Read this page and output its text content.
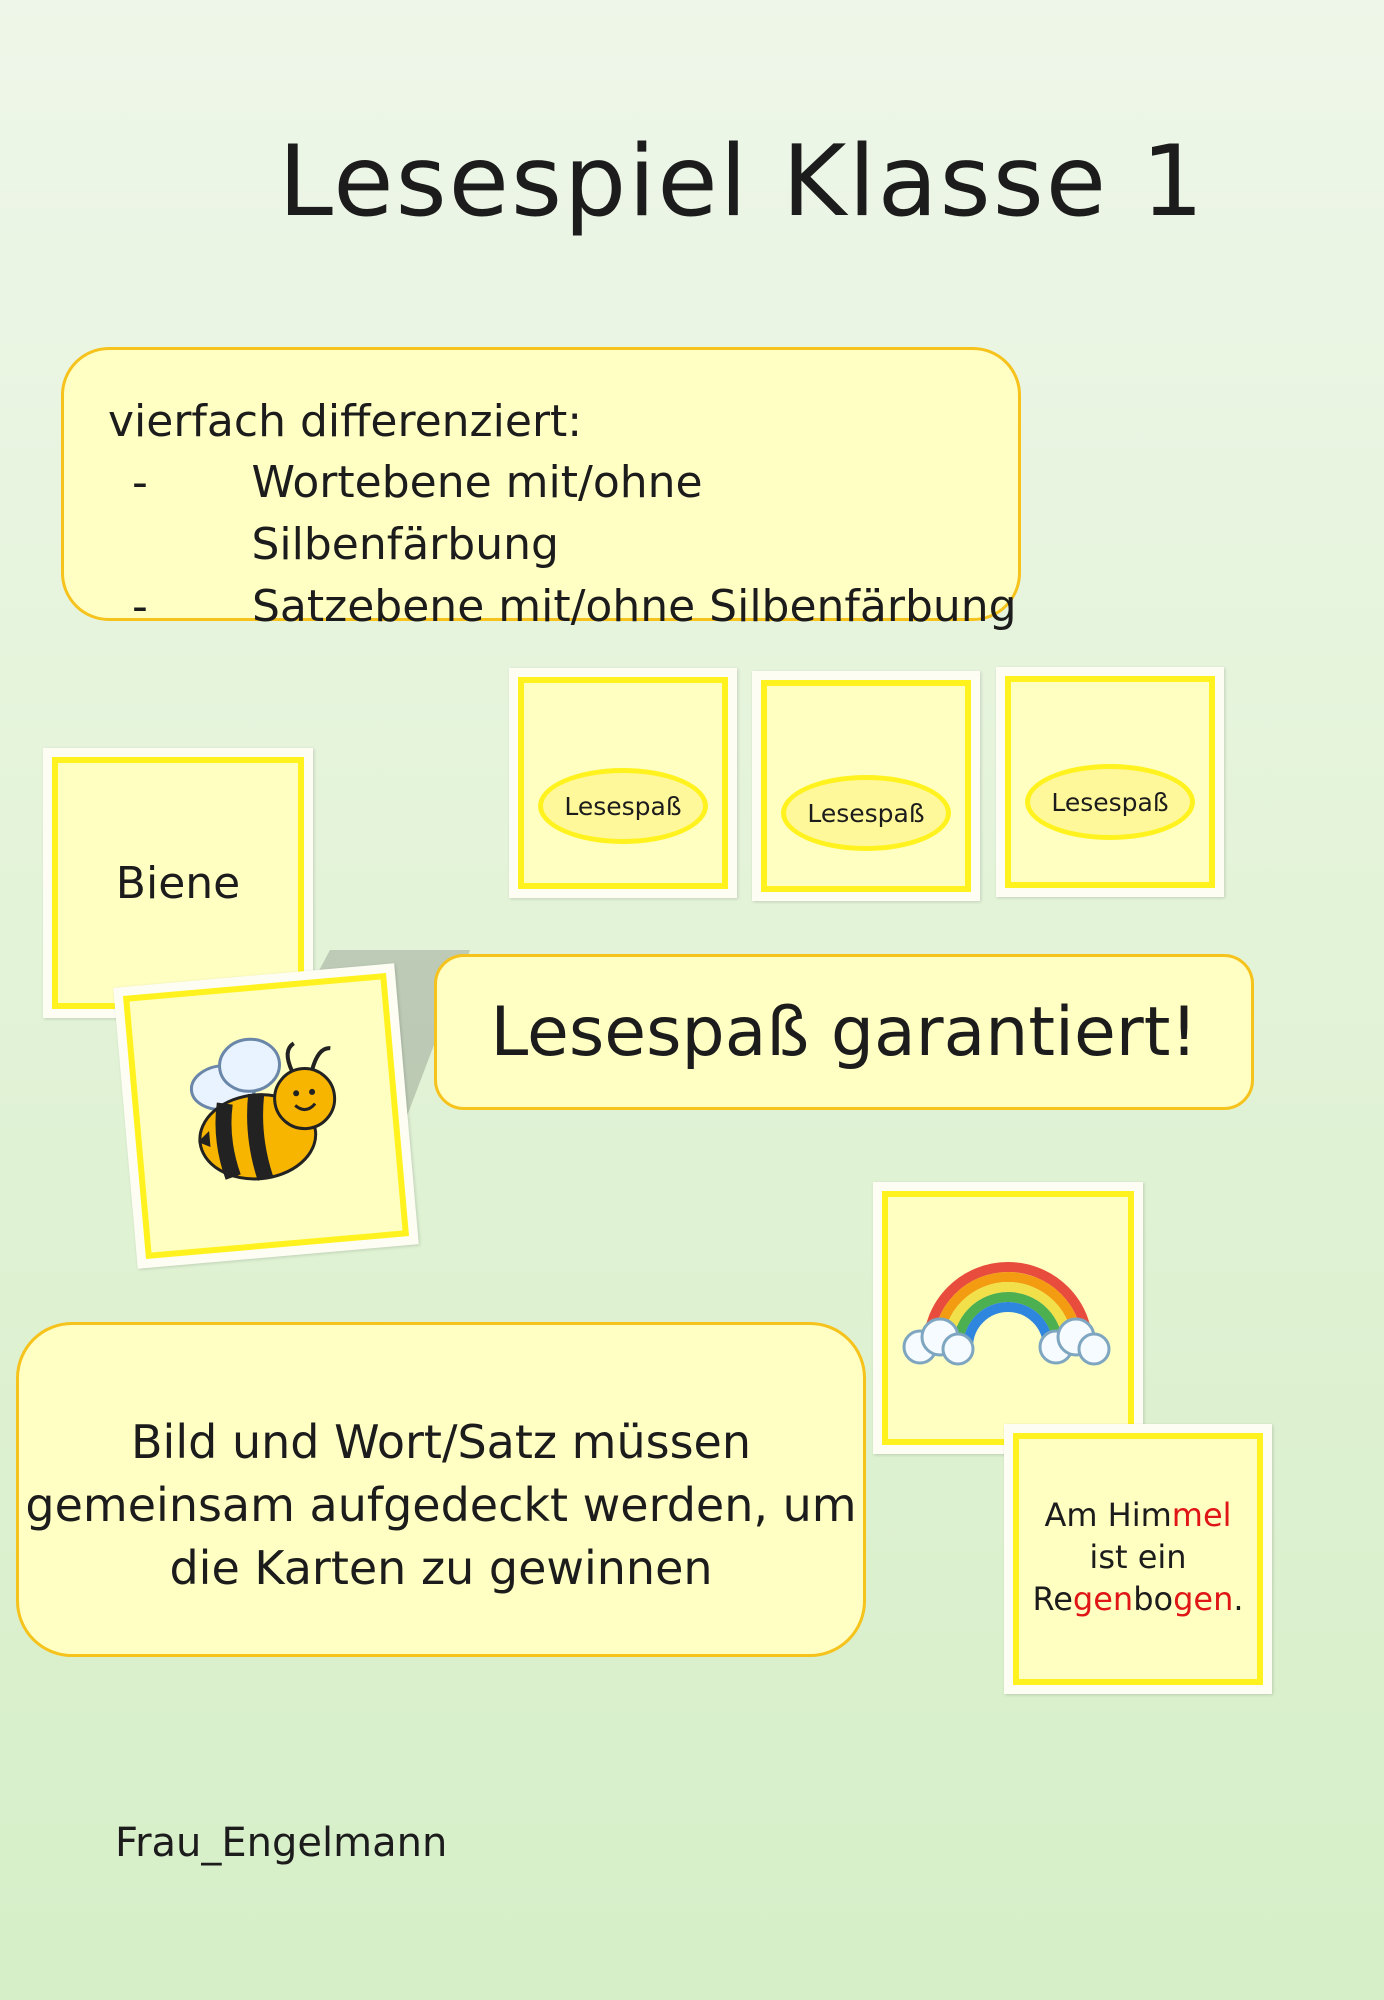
Lesespiel Klasse 1
vierfach differenziert:
-	Wortebene mit/ohne Silbenfärbung
-	Satzebene mit/ohne Silbenfärbung
Lesespaß	Lesespaß	Lesespaß
Biene
Lesespaß garantiert!
Bild und Wort/Satz müssen
gemeinsam aufgedeckt werden, um
die Karten zu gewinnen
Am Himmel
ist ein
Regenbogen.
Frau_Engelmann
